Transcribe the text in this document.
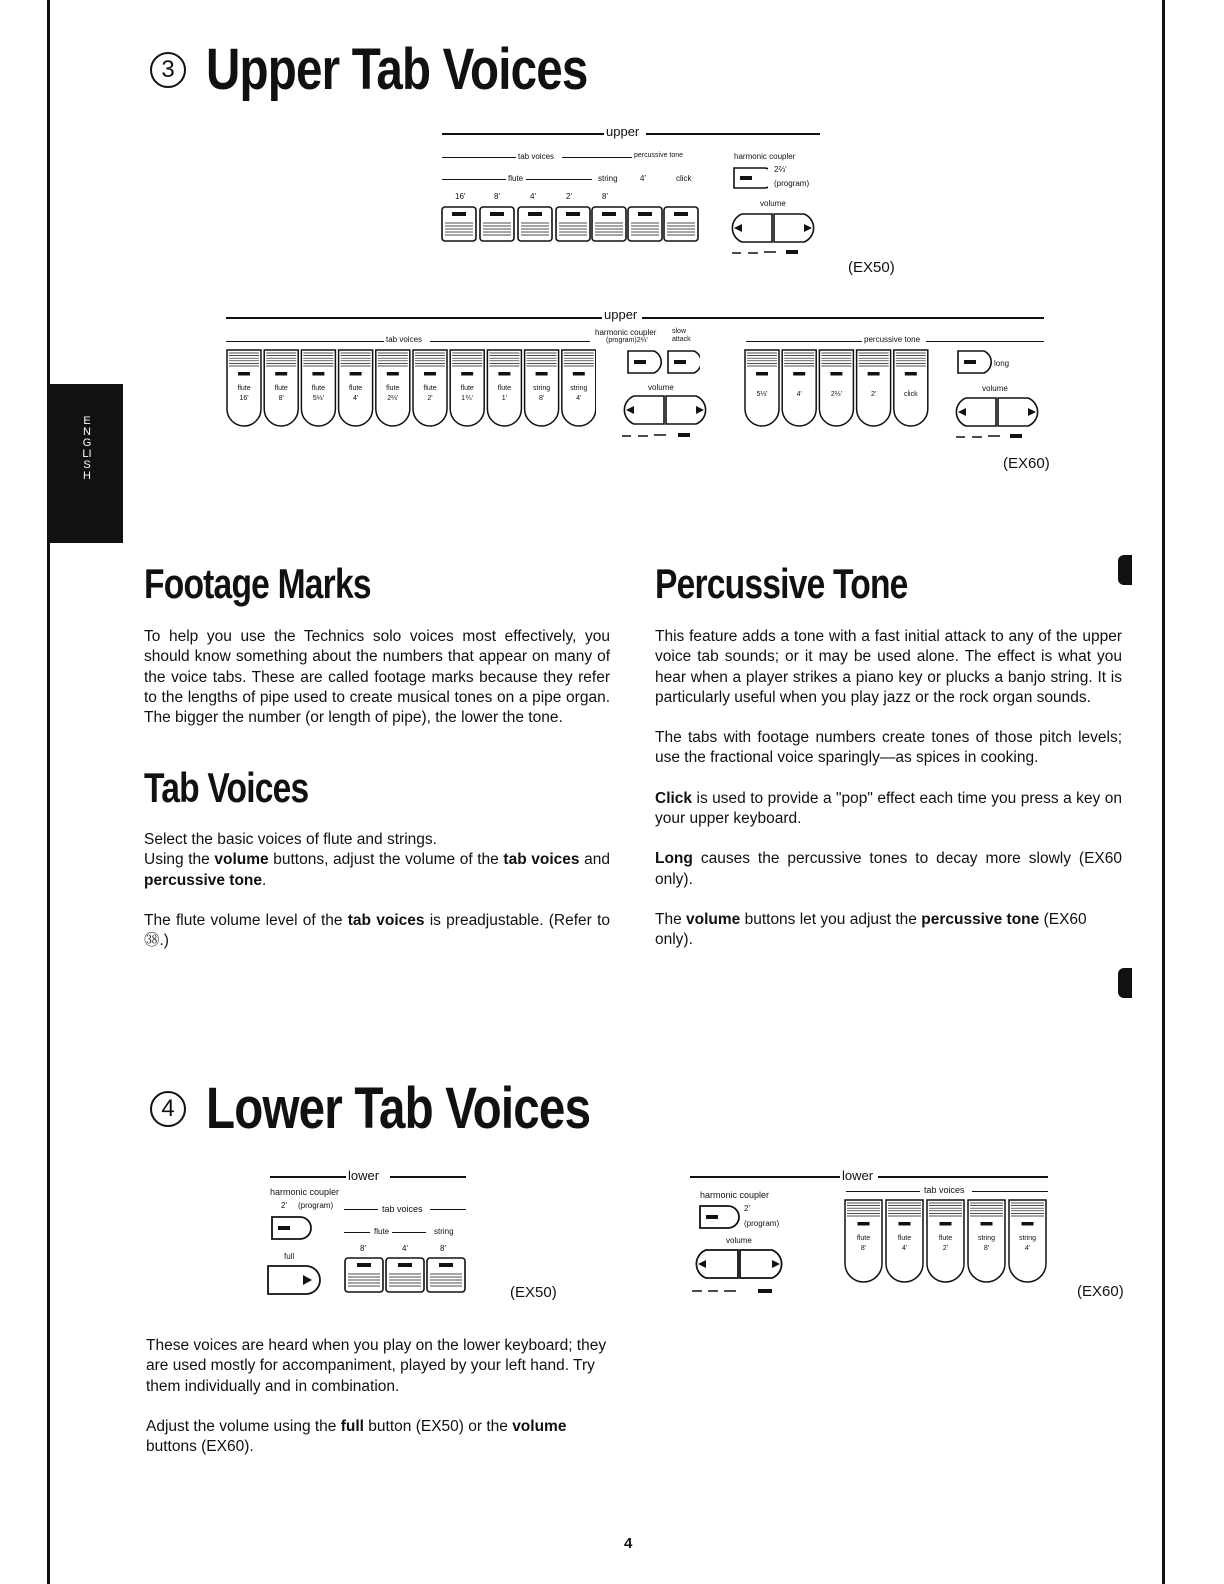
ENGLISH
3 Upper Tab Voices
upper
tab voices	percussive tone	harmonic coupler
flute	string	4'	click
16'	8'	4'	2'	8'
2⅔'
(program)
volume
(EX50)
upper
tab voices
harmonic coupler
(program)2⅔'
slow attack	percussive tone
flute
16'
flute
8'
flute
5⅓'
flute
4'
flute
2⅔'
flute
2'
flute
1⅗'
flute
1'
string
8'
string
4'
volume
5⅓'	4'	2⅔'	2'	click
long
volume
(EX60)
Footage Marks

To help you use the Technics solo voices most effectively, you should know something about the numbers that appear on many of the voice tabs. These are called footage marks because they refer to the lengths of pipe used to create musical tones on a pipe organ. The bigger the number (or length of pipe), the lower the tone.

Tab Voices

Select the basic voices of flute and strings.
Using the volume buttons, adjust the volume of the tab voices and percussive tone.

The flute volume level of the tab voices is preadjustable. (Refer to ㊳.)

Percussive Tone

This feature adds a tone with a fast initial attack to any of the upper voice tab sounds; or it may be used alone. The effect is what you hear when a player strikes a piano key or plucks a banjo string. It is particularly useful when you play jazz or the rock organ sounds.

The tabs with footage numbers create tones of those pitch levels; use the fractional voice sparingly—as spices in cooking.

Click is used to provide a "pop" effect each time you press a key on your upper keyboard.

Long causes the percussive tones to decay more slowly (EX60 only).

The volume buttons let you adjust the percussive tone (EX60 only).

4 Lower Tab Voices
lower
harmonic coupler
2' (program)	tab voices
flute	string
8'	4'	8'
full
(EX50)
lower
tab voices
harmonic coupler
2'
(program)
volume	flute
8'
flute
4'
flute
2'
string
8'
string
4'
(EX60)

These voices are heard when you play on the lower keyboard; they are used mostly for accompaniment, played by your left hand. Try them individually and in combination.

Adjust the volume using the full button (EX50) or the volume buttons (EX60).

4
